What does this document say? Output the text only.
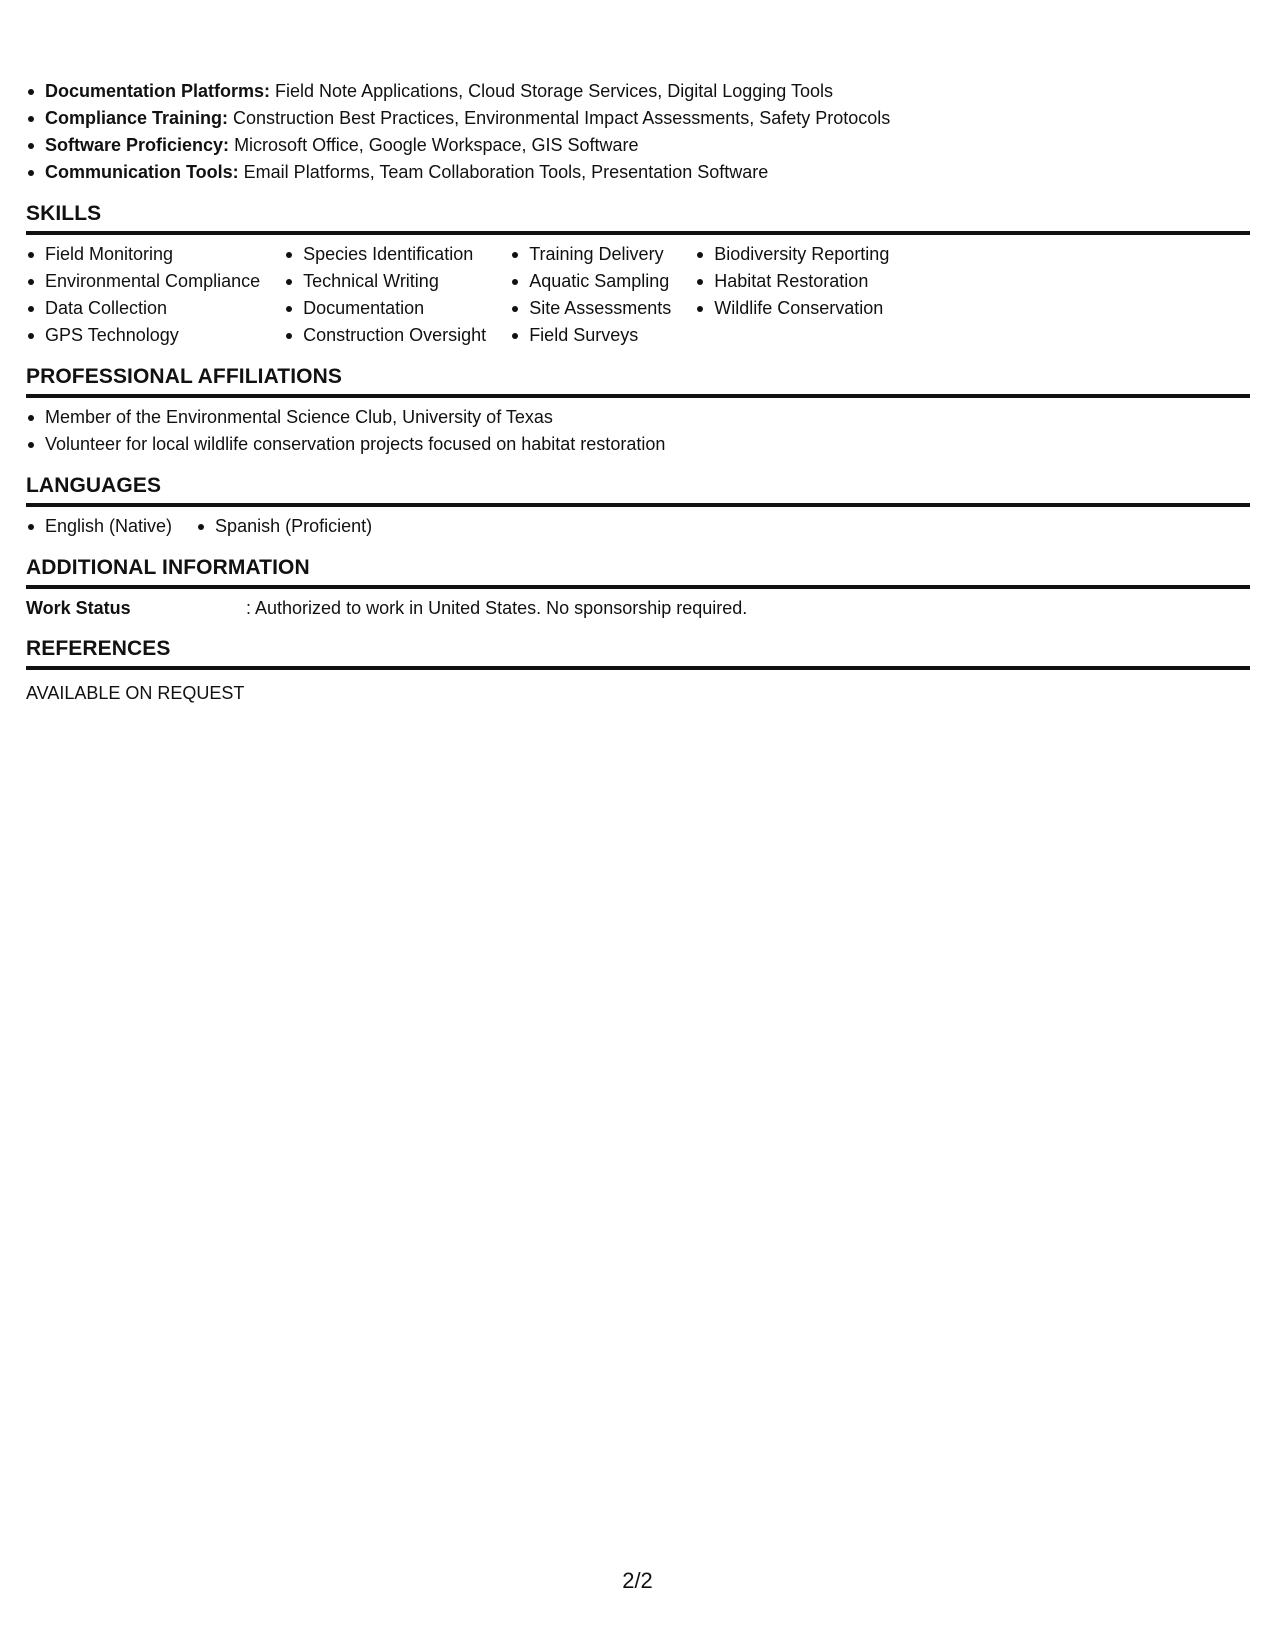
Documentation Platforms: Field Note Applications, Cloud Storage Services, Digital Logging Tools
Compliance Training: Construction Best Practices, Environmental Impact Assessments, Safety Protocols
Software Proficiency: Microsoft Office, Google Workspace, GIS Software
Communication Tools: Email Platforms, Team Collaboration Tools, Presentation Software
SKILLS
Field Monitoring
Environmental Compliance
Data Collection
GPS Technology
Species Identification
Technical Writing
Documentation
Construction Oversight
Training Delivery
Aquatic Sampling
Site Assessments
Field Surveys
Biodiversity Reporting
Habitat Restoration
Wildlife Conservation
PROFESSIONAL AFFILIATIONS
Member of the Environmental Science Club, University of Texas
Volunteer for local wildlife conservation projects focused on habitat restoration
LANGUAGES
English (Native)	Spanish (Proficient)
ADDITIONAL INFORMATION
Work Status	: Authorized to work in United States. No sponsorship required.
REFERENCES
AVAILABLE ON REQUEST
2/2
